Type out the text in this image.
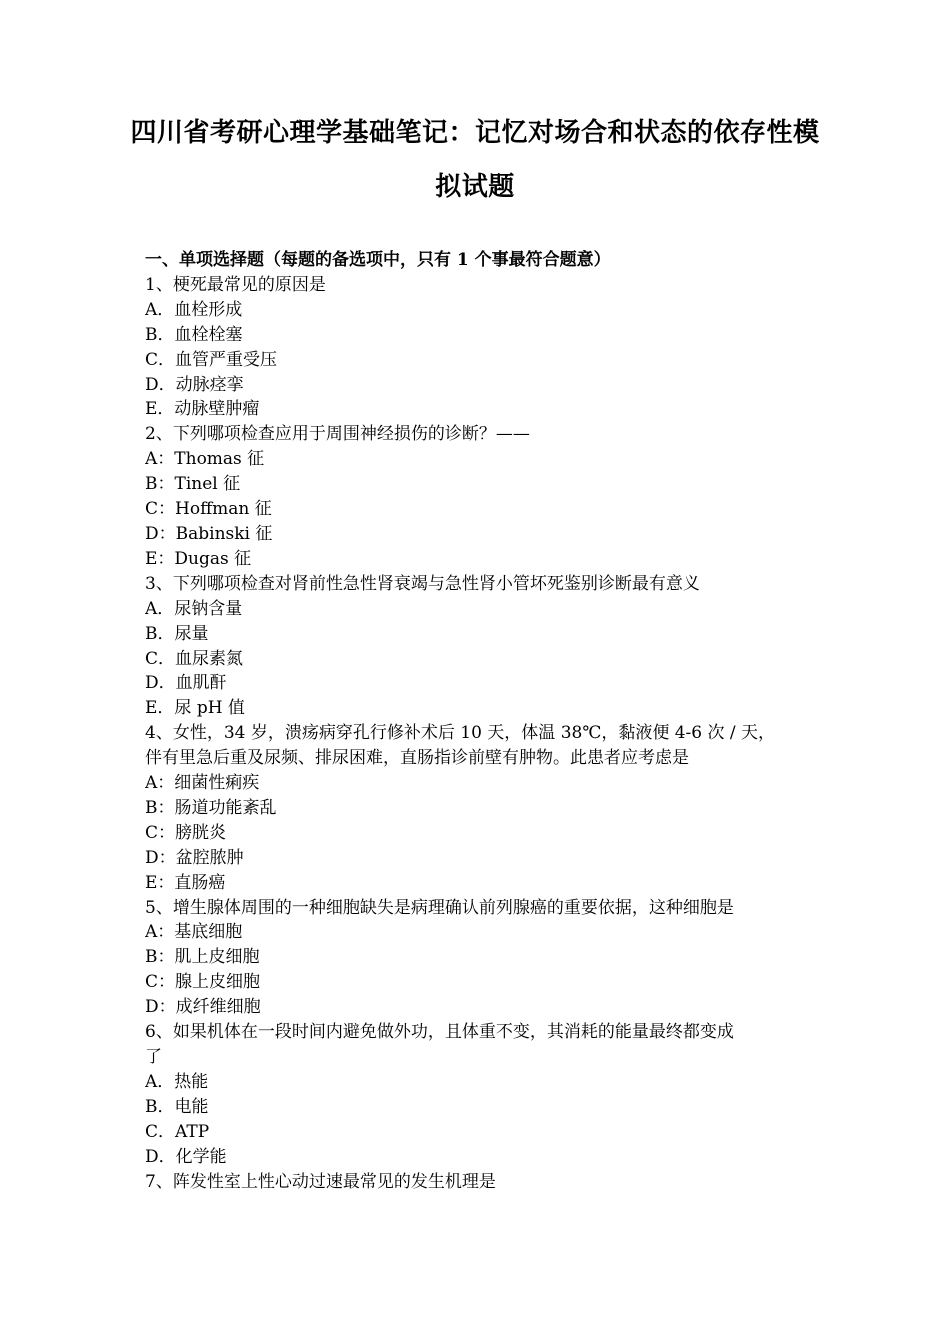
四川省考研心理学基础笔记：记忆对场合和状态的依存性模
拟试题
一、单项选择题（每题的备选项中，只有 1 个事最符合题意）
1、梗死最常见的原因是
A．血栓形成
B．血栓栓塞
C．血管严重受压
D．动脉痉挛
E．动脉壁肿瘤
2、下列哪项检查应用于周围神经损伤的诊断？——
A：Thomas 征
B：Tinel 征
C：Hoffman 征
D：Babinski 征
E：Dugas 征
3、下列哪项检查对肾前性急性肾衰竭与急性肾小管坏死鉴别诊断最有意义
A．尿钠含量
B．尿量
C．血尿素氮
D．血肌酐
E．尿 pH 值
4、女性，34 岁，溃疡病穿孔行修补术后 10 天，体温 38℃，黏液便 4-6 次 / 天，
伴有里急后重及尿频、排尿困难，直肠指诊前壁有肿物。此患者应考虑是
A：细菌性痢疾
B：肠道功能紊乱
C：膀胱炎
D：盆腔脓肿
E：直肠癌
5、增生腺体周围的一种细胞缺失是病理确认前列腺癌的重要依据，这种细胞是
A：基底细胞
B：肌上皮细胞
C：腺上皮细胞
D：成纤维细胞
6、如果机体在一段时间内避免做外功，且体重不变，其消耗的能量最终都变成
了
A．热能
B．电能
C．ATP
D．化学能
7、阵发性室上性心动过速最常见的发生机理是
